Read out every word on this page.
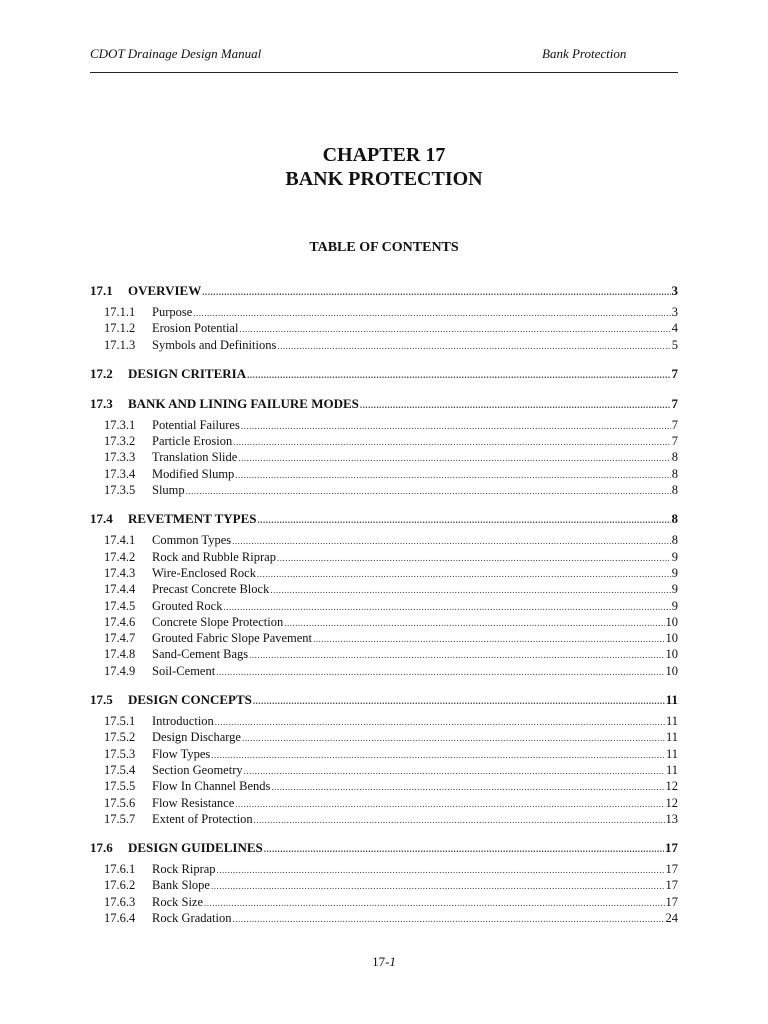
CDOT Drainage Design Manual	Bank Protection
CHAPTER 17
BANK PROTECTION
TABLE OF CONTENTS
17.1	OVERVIEW .....	3
17.1.1	Purpose .....	3
17.1.2	Erosion Potential .....	4
17.1.3	Symbols and Definitions .....	5
17.2	DESIGN CRITERIA .....	7
17.3	BANK AND LINING FAILURE MODES .....	7
17.3.1	Potential Failures .....	7
17.3.2	Particle Erosion .....	7
17.3.3	Translation Slide .....	8
17.3.4	Modified Slump .....	8
17.3.5	Slump .....	8
17.4	REVETMENT TYPES .....	8
17.4.1	Common Types .....	8
17.4.2	Rock and Rubble Riprap .....	9
17.4.3	Wire-Enclosed Rock .....	9
17.4.4	Precast Concrete Block .....	9
17.4.5	Grouted Rock .....	9
17.4.6	Concrete Slope Protection .....	10
17.4.7	Grouted Fabric Slope Pavement .....	10
17.4.8	Sand-Cement Bags .....	10
17.4.9	Soil-Cement .....	10
17.5	DESIGN CONCEPTS .....	11
17.5.1	Introduction .....	11
17.5.2	Design Discharge .....	11
17.5.3	Flow Types .....	11
17.5.4	Section Geometry .....	11
17.5.5	Flow In Channel Bends .....	12
17.5.6	Flow Resistance .....	12
17.5.7	Extent of Protection .....	13
17.6	DESIGN GUIDELINES .....	17
17.6.1	Rock Riprap .....	17
17.6.2	Bank Slope .....	17
17.6.3	Rock Size .....	17
17.6.4	Rock Gradation .....	24
17-1
